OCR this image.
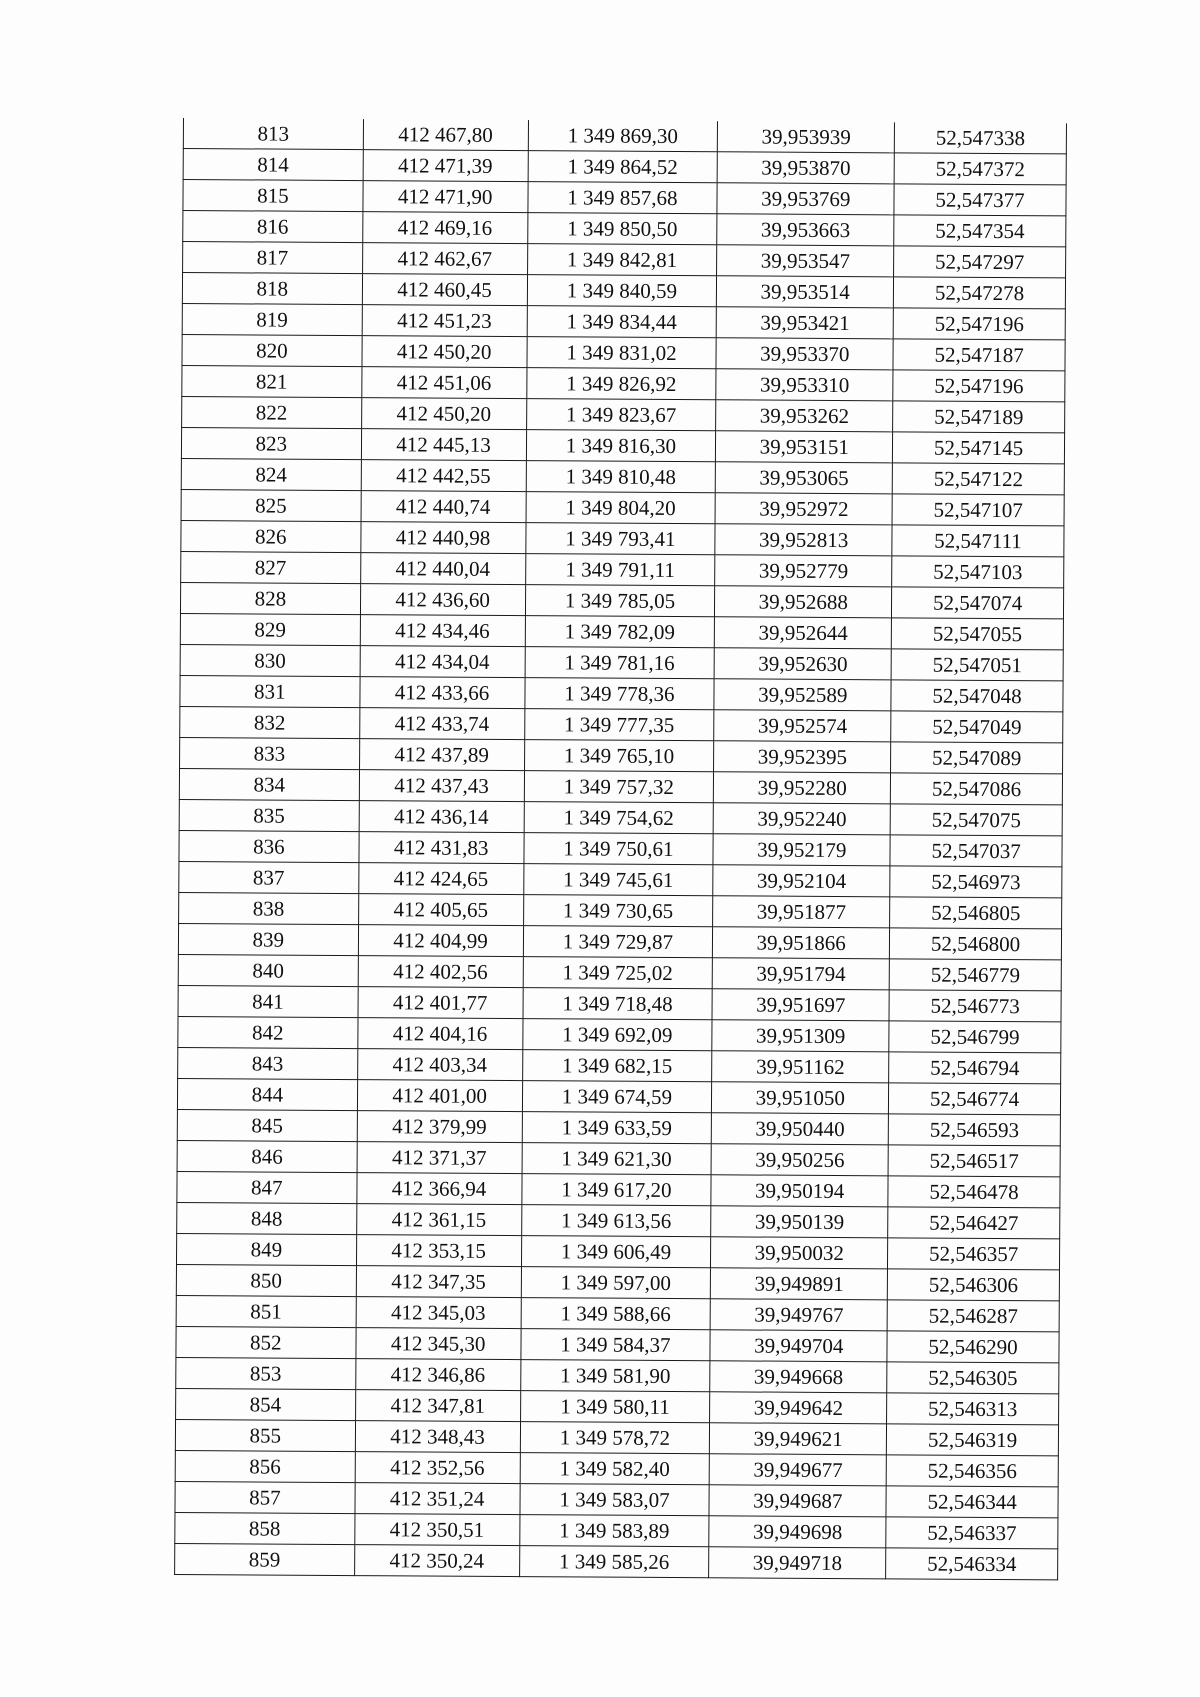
813	412 467,80	1 349 869,30	39,953939	52,547338
814	412 471,39	1 349 864,52	39,953870	52,547372
815	412 471,90	1 349 857,68	39,953769	52,547377
816	412 469,16	1 349 850,50	39,953663	52,547354
817	412 462,67	1 349 842,81	39,953547	52,547297
818	412 460,45	1 349 840,59	39,953514	52,547278
819	412 451,23	1 349 834,44	39,953421	52,547196
820	412 450,20	1 349 831,02	39,953370	52,547187
821	412 451,06	1 349 826,92	39,953310	52,547196
822	412 450,20	1 349 823,67	39,953262	52,547189
823	412 445,13	1 349 816,30	39,953151	52,547145
824	412 442,55	1 349 810,48	39,953065	52,547122
825	412 440,74	1 349 804,20	39,952972	52,547107
826	412 440,98	1 349 793,41	39,952813	52,547111
827	412 440,04	1 349 791,11	39,952779	52,547103
828	412 436,60	1 349 785,05	39,952688	52,547074
829	412 434,46	1 349 782,09	39,952644	52,547055
830	412 434,04	1 349 781,16	39,952630	52,547051
831	412 433,66	1 349 778,36	39,952589	52,547048
832	412 433,74	1 349 777,35	39,952574	52,547049
833	412 437,89	1 349 765,10	39,952395	52,547089
834	412 437,43	1 349 757,32	39,952280	52,547086
835	412 436,14	1 349 754,62	39,952240	52,547075
836	412 431,83	1 349 750,61	39,952179	52,547037
837	412 424,65	1 349 745,61	39,952104	52,546973
838	412 405,65	1 349 730,65	39,951877	52,546805
839	412 404,99	1 349 729,87	39,951866	52,546800
840	412 402,56	1 349 725,02	39,951794	52,546779
841	412 401,77	1 349 718,48	39,951697	52,546773
842	412 404,16	1 349 692,09	39,951309	52,546799
843	412 403,34	1 349 682,15	39,951162	52,546794
844	412 401,00	1 349 674,59	39,951050	52,546774
845	412 379,99	1 349 633,59	39,950440	52,546593
846	412 371,37	1 349 621,30	39,950256	52,546517
847	412 366,94	1 349 617,20	39,950194	52,546478
848	412 361,15	1 349 613,56	39,950139	52,546427
849	412 353,15	1 349 606,49	39,950032	52,546357
850	412 347,35	1 349 597,00	39,949891	52,546306
851	412 345,03	1 349 588,66	39,949767	52,546287
852	412 345,30	1 349 584,37	39,949704	52,546290
853	412 346,86	1 349 581,90	39,949668	52,546305
854	412 347,81	1 349 580,11	39,949642	52,546313
855	412 348,43	1 349 578,72	39,949621	52,546319
856	412 352,56	1 349 582,40	39,949677	52,546356
857	412 351,24	1 349 583,07	39,949687	52,546344
858	412 350,51	1 349 583,89	39,949698	52,546337
859	412 350,24	1 349 585,26	39,949718	52,546334
